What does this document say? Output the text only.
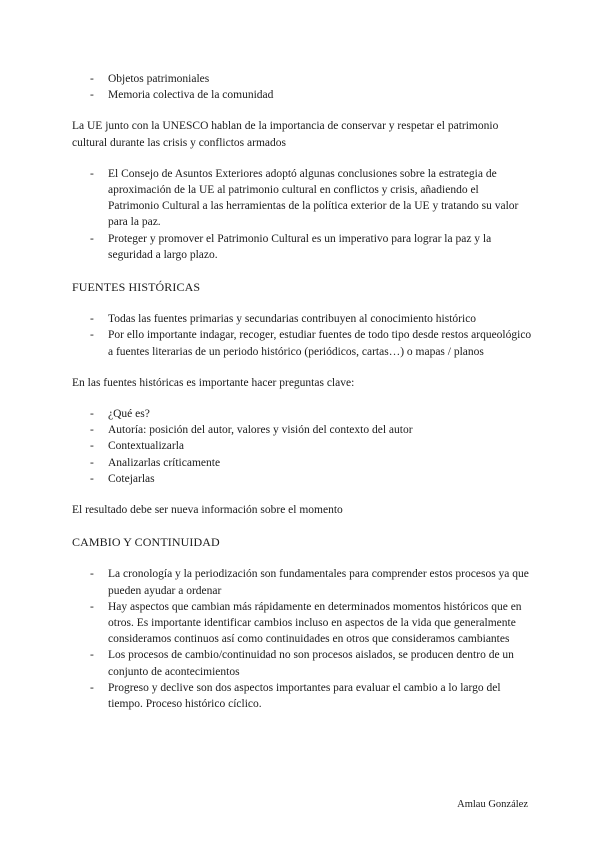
- Objetos patrimoniales
- Memoria colectiva de la comunidad

La UE junto con la UNESCO hablan de la importancia de conservar y respetar el patrimonio cultural durante las crisis y conflictos armados

- El Consejo de Asuntos Exteriores adoptó algunas conclusiones sobre la estrategia de aproximación de la UE al patrimonio cultural en conflictos y crisis, añadiendo el Patrimonio Cultural a las herramientas de la política exterior de la UE y tratando su valor para la paz.
- Proteger y promover el Patrimonio Cultural es un imperativo para lograr la paz y la seguridad a largo plazo.
FUENTES HISTÓRICAS
- Todas las fuentes primarias y secundarias contribuyen al conocimiento histórico
- Por ello importante indagar, recoger, estudiar fuentes de todo tipo desde restos arqueológico a fuentes literarias de un periodo histórico (periódicos, cartas…) o mapas / planos

En las fuentes históricas es importante hacer preguntas clave:

- ¿Qué es?
- Autoría: posición del autor, valores y visión del contexto del autor
- Contextualizarla
- Analizarlas críticamente
- Cotejarlas

El resultado debe ser nueva información sobre el momento

CAMBIO Y CONTINUIDAD
- La cronología y la periodización son fundamentales para comprender estos procesos ya que pueden ayudar a ordenar
- Hay aspectos que cambian más rápidamente en determinados momentos históricos que en otros. Es importante identificar cambios incluso en aspectos de la vida que generalmente consideramos continuos así como continuidades en otros que consideramos cambiantes
- Los procesos de cambio/continuidad no son procesos aislados, se producen dentro de un conjunto de acontecimientos
- Progreso y declive son dos aspectos importantes para evaluar el cambio a lo largo del tiempo. Proceso histórico cíclico.
Amlau González
